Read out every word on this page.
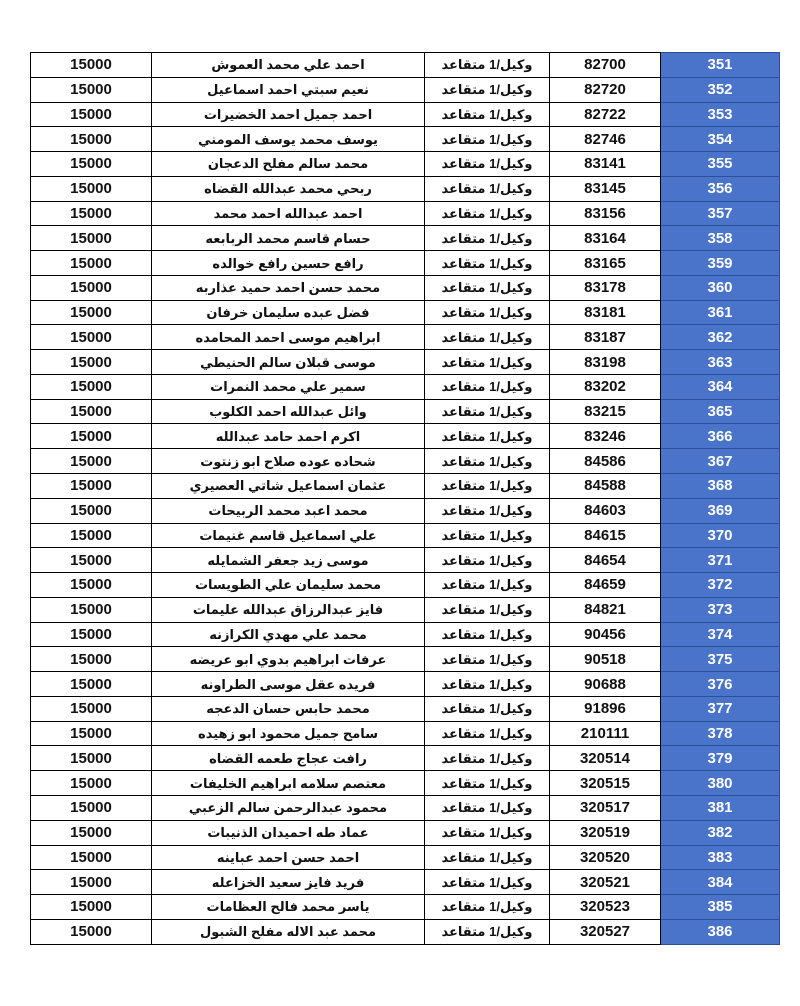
15000	احمد علي محمد العموش	وكيل/1 متقاعد	82700	351
15000	نعيم سبتي احمد اسماعيل	وكيل/1 متقاعد	82720	352
15000	احمد جميل احمد الخضيرات	وكيل/1 متقاعد	82722	353
15000	يوسف محمد يوسف المومني	وكيل/1 متقاعد	82746	354
15000	محمد سالم مفلح الدعجان	وكيل/1 متقاعد	83141	355
15000	ربحي محمد عبدالله القضاه	وكيل/1 متقاعد	83145	356
15000	احمد عبدالله احمد محمد	وكيل/1 متقاعد	83156	357
15000	حسام قاسم محمد الربابعه	وكيل/1 متقاعد	83164	358
15000	رافع حسين رافع خوالده	وكيل/1 متقاعد	83165	359
15000	محمد حسن احمد حميد عذاربه	وكيل/1 متقاعد	83178	360
15000	فضل عبده سليمان خرفان	وكيل/1 متقاعد	83181	361
15000	ابراهيم موسى احمد المحامده	وكيل/1 متقاعد	83187	362
15000	موسى قبلان سالم الحنيطي	وكيل/1 متقاعد	83198	363
15000	سمير علي محمد النمرات	وكيل/1 متقاعد	83202	364
15000	وائل عبدالله احمد الكلوب	وكيل/1 متقاعد	83215	365
15000	اكرم احمد حامد عبدالله	وكيل/1 متقاعد	83246	366
15000	شحاده عوده صلاح ابو زنتوت	وكيل/1 متقاعد	84586	367
15000	عثمان اسماعيل شاتي العصيري	وكيل/1 متقاعد	84588	368
15000	محمد اعبد محمد الربيحات	وكيل/1 متقاعد	84603	369
15000	علي اسماعيل قاسم غنيمات	وكيل/1 متقاعد	84615	370
15000	موسى زيد جعفر الشمايله	وكيل/1 متقاعد	84654	371
15000	محمد سليمان علي الطويسات	وكيل/1 متقاعد	84659	372
15000	فايز عبدالرزاق عبدالله عليمات	وكيل/1 متقاعد	84821	373
15000	محمد علي مهدي الكرازنه	وكيل/1 متقاعد	90456	374
15000	عرفات ابراهيم بدوي ابو عريضه	وكيل/1 متقاعد	90518	375
15000	فريده عقل موسى الطراونه	وكيل/1 متقاعد	90688	376
15000	محمد حابس حسان الدعجه	وكيل/1 متقاعد	91896	377
15000	سامح جميل محمود ابو زهيده	وكيل/1 متقاعد	210111	378
15000	رافت عجاج طعمه القضاه	وكيل/1 متقاعد	320514	379
15000	معتصم سلامه ابراهيم الخليفات	وكيل/1 متقاعد	320515	380
15000	محمود عبدالرحمن سالم الزعبي	وكيل/1 متقاعد	320517	381
15000	عماد طه احميدان الذنيبات	وكيل/1 متقاعد	320519	382
15000	احمد حسن احمد عباينه	وكيل/1 متقاعد	320520	383
15000	فريد فايز سعيد الخزاعله	وكيل/1 متقاعد	320521	384
15000	ياسر محمد فالح العظامات	وكيل/1 متقاعد	320523	385
15000	محمد عبد الاله مفلح الشبول	وكيل/1 متقاعد	320527	386
